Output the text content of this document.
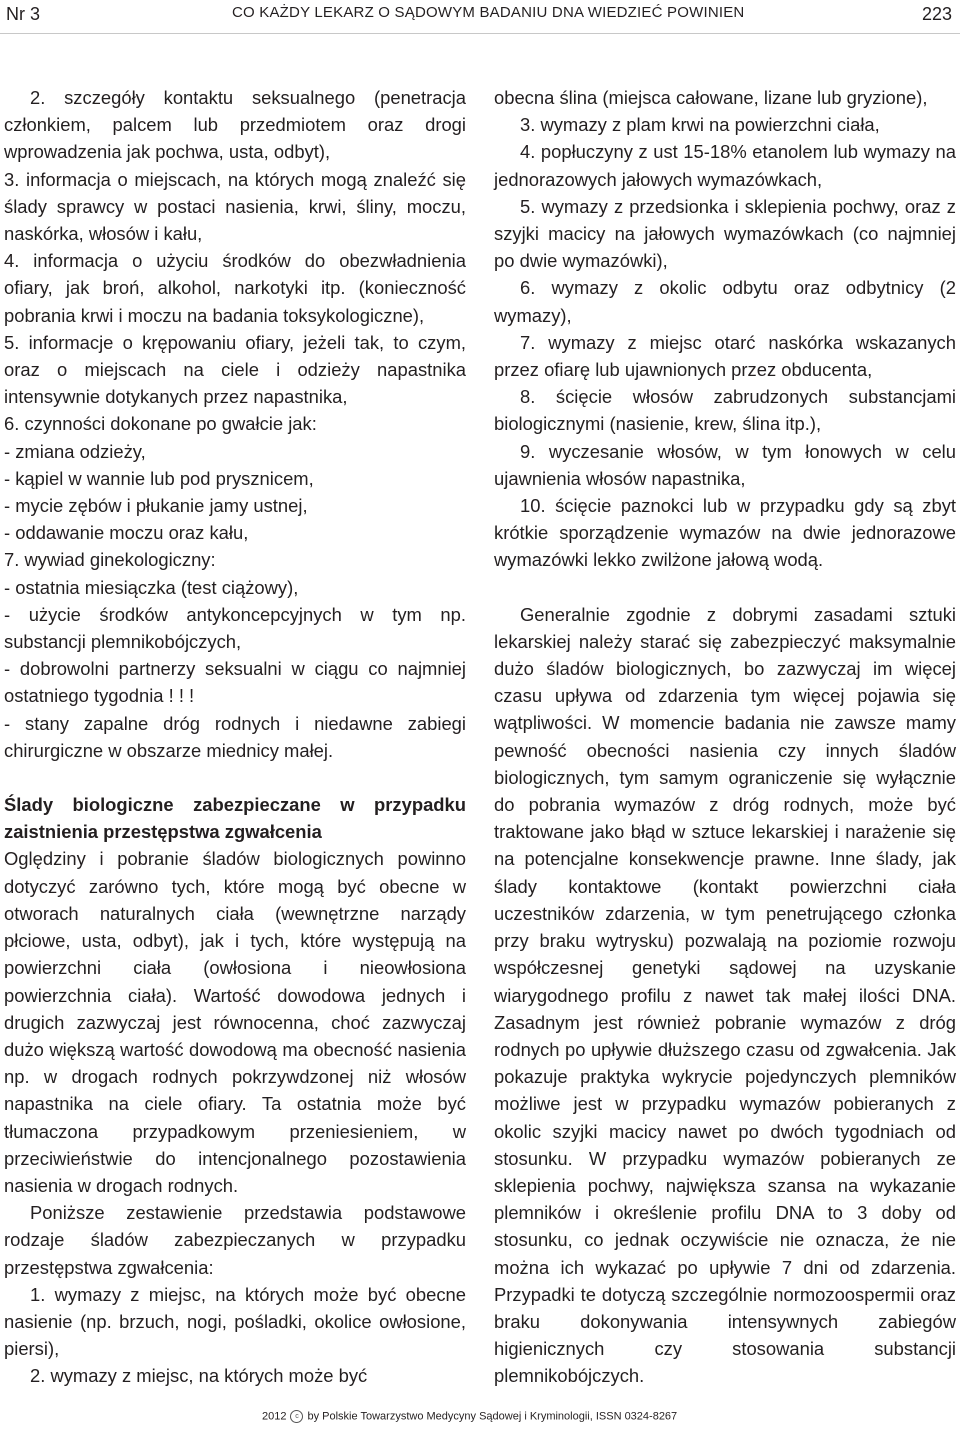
Nr 3	CO KAŻDY LEKARZ O SĄDOWYM BADANIU DNA WIEDZIEĆ POWINIEN	223

2. szczegóły kontaktu seksualnego (penetracja członkiem, palcem lub przedmiotem oraz drogi wprowadzenia jak pochwa, usta, odbyt),

3. informacja o miejscach, na których mogą znaleźć się ślady sprawcy w postaci nasienia, krwi, śliny, moczu, naskórka, włosów i kału,

4. informacja o użyciu środków do obezwładnienia ofiary, jak broń, alkohol, narkotyki itp. (konieczność pobrania krwi i moczu na badania toksykologiczne),

5. informacje o krępowaniu ofiary, jeżeli tak, to czym, oraz o miejscach na ciele i odzieży napastnika intensywnie dotykanych przez napastnika,

6. czynności dokonane po gwałcie jak:

- zmiana odzieży,

- kąpiel w wannie lub pod prysznicem,

- mycie zębów i płukanie jamy ustnej,

- oddawanie moczu oraz kału,

7. wywiad ginekologiczny:

- ostatnia miesiączka (test ciążowy),

- użycie środków antykoncepcyjnych w tym np. substancji plemnikobójczych,

- dobrowolni partnerzy seksualni w ciągu co najmniej ostatniego tygodnia ! ! !

- stany zapalne dróg rodnych i niedawne zabiegi chirurgiczne w obszarze miednicy małej.

Ślady biologiczne zabezpieczane w przypadku zaistnienia przestępstwa zgwałcenia

Oględziny i pobranie śladów biologicznych powinno dotyczyć zarówno tych, które mogą być obecne w otworach naturalnych ciała (wewnętrzne narządy płciowe, usta, odbyt), jak i tych, które występują na powierzchni ciała (owłosiona i nieowłosiona powierzchnia ciała). Wartość dowodowa jednych i drugich zazwyczaj jest równocenna, choć zazwyczaj dużo większą wartość dowodową ma obecność nasienia np. w drogach rodnych pokrzywdzonej niż włosów napastnika na ciele ofiary. Ta ostatnia może być tłumaczona przypadkowym przeniesieniem, w przeciwieństwie do intencjonalnego pozostawienia nasienia w drogach rodnych.

Poniższe zestawienie przedstawia podstawowe rodzaje śladów zabezpieczanych w przypadku przestępstwa zgwałcenia:

1. wymazy z miejsc, na których może być obecne nasienie (np. brzuch, nogi, pośladki, okolice owłosione, piersi),

2. wymazy z miejsc, na których może być

obecna ślina (miejsca całowane, lizane lub gryzione),

3. wymazy z plam krwi na powierzchni ciała,

4. popłuczyny z ust 15-18% etanolem lub wymazy na jednorazowych jałowych wymazówkach,

5. wymazy z przedsionka i sklepienia pochwy, oraz z szyjki macicy na jałowych wymazówkach (co najmniej po dwie wymazówki),

6. wymazy z okolic odbytu oraz odbytnicy (2 wymazy),

7. wymazy z miejsc otarć naskórka wskazanych przez ofiarę lub ujawnionych przez obducenta,

8. ścięcie włosów zabrudzonych substancjami biologicznymi (nasienie, krew, ślina itp.),

9. wyczesanie włosów, w tym łonowych w celu ujawnienia włosów napastnika,

10. ścięcie paznokci lub w przypadku gdy są zbyt krótkie sporządzenie wymazów na dwie jednorazowe wymazówki lekko zwilżone jałową wodą.

Generalnie zgodnie z dobrymi zasadami sztuki lekarskiej należy starać się zabezpieczyć maksymalnie dużo śladów biologicznych, bo zazwyczaj im więcej czasu upływa od zdarzenia tym więcej pojawia się wątpliwości. W momencie badania nie zawsze mamy pewność obecności nasienia czy innych śladów biologicznych, tym samym ograniczenie się wyłącznie do pobrania wymazów z dróg rodnych, może być traktowane jako błąd w sztuce lekarskiej i narażenie się na potencjalne konsekwencje prawne. Inne ślady, jak ślady kontaktowe (kontakt powierzchni ciała uczestników zdarzenia, w tym penetrującego członka przy braku wytrysku) pozwalają na poziomie rozwoju współczesnej genetyki sądowej na uzyskanie wiarygodnego profilu z nawet tak małej ilości DNA. Zasadnym jest również pobranie wymazów z dróg rodnych po upływie dłuższego czasu od zgwałcenia. Jak pokazuje praktyka wykrycie pojedynczych plemników możliwe jest w przypadku wymazów pobieranych z okolic szyjki macicy nawet po dwóch tygodniach od stosunku. W przypadku wymazów pobieranych ze sklepienia pochwy, największa szansa na wykazanie plemników i określenie profilu DNA to 3 doby od stosunku, co jednak oczywiście nie oznacza, że nie można ich wykazać po upływie 7 dni od zdarzenia. Przypadki te dotyczą szczególnie normozoospermii oraz braku dokonywania intensywnych zabiegów higienicznych czy stosowania substancji plemnikobójczych.

2012 c by Polskie Towarzystwo Medycyny Sądowej i Kryminologii, ISSN 0324-8267
